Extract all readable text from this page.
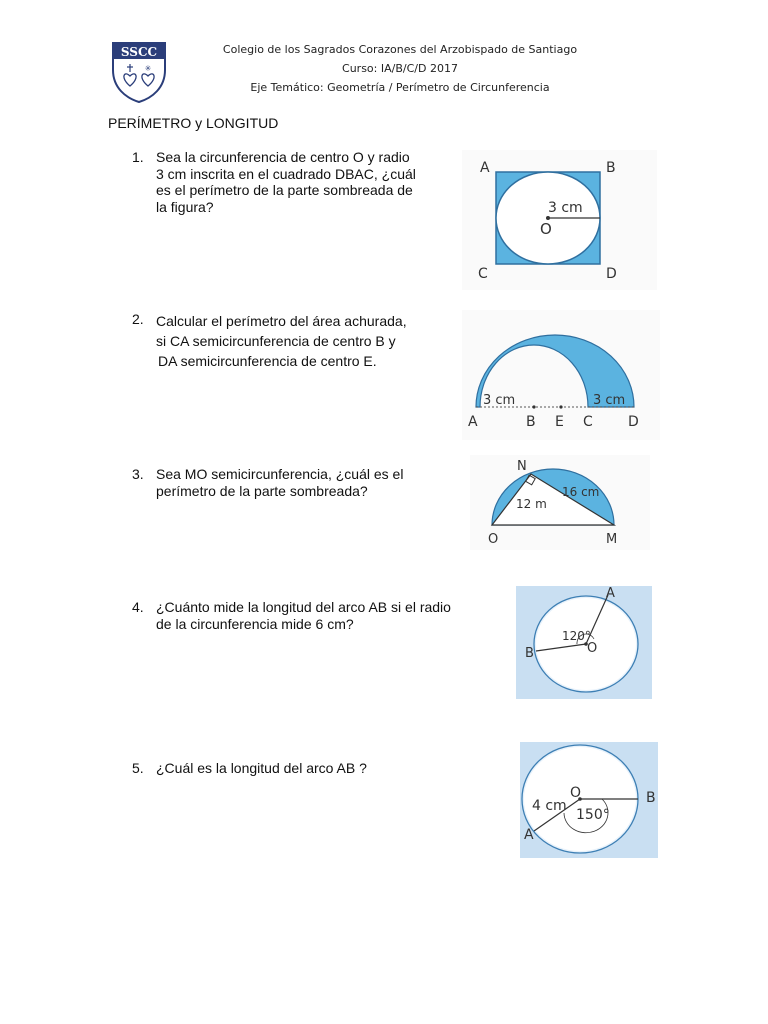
SSCC
✳
Colegio de los Sagrados Corazones del Arzobispado de Santiago
Curso: IA/B/C/D 2017
Eje Temático: Geometría / Perímetro de Circunferencia
PERÍMETRO y LONGITUD
1. Sea la circunferencia de centro O y radio
3 cm inscrita en el cuadrado DBAC, ¿cuál
es el perímetro de la parte sombreada de
la figura?
A	B
C	D
O
3 cm
2. Calcular el perímetro del área achurada,
si CA semicircunferencia de centro B y
DA semicircunferencia de centro E.
3 cm	3 cm
A	B E C	D
3. Sea MO semicircunferencia, ¿cuál es el
perímetro de la parte sombreada?
N
O	M
12 m
16 cm
4. ¿Cuánto mide la longitud del arco AB si el radio
de la circunferencia mide 6 cm?
A
B	O
120°
5. ¿Cuál es la longitud del arco AB ?
O	B
A
4 cm
150°
